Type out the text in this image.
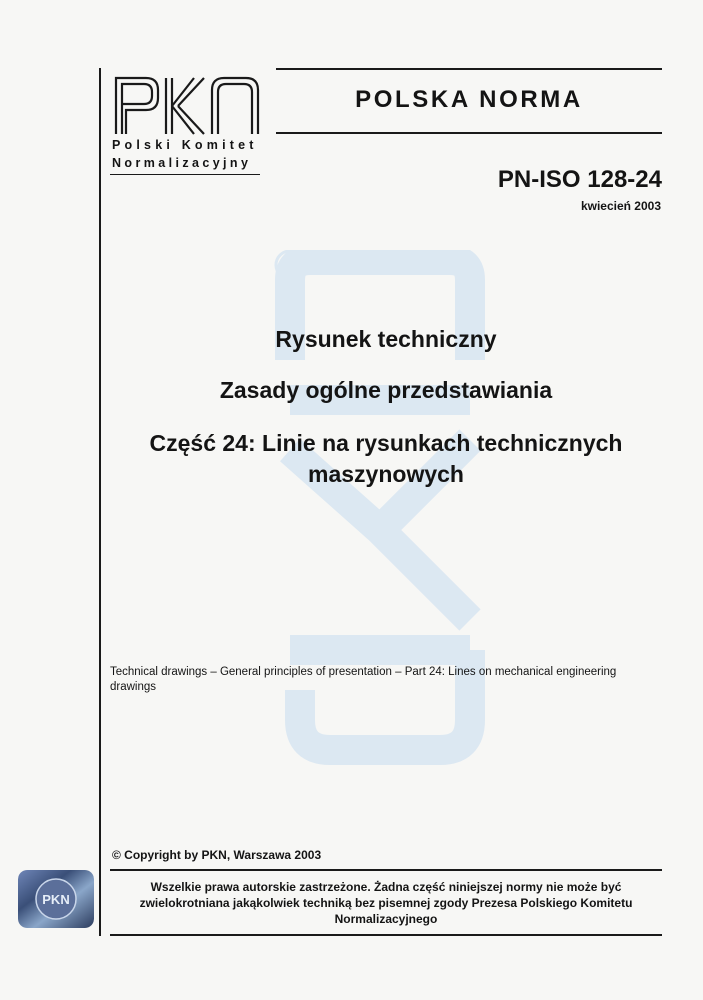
®
Polski Komitet
Normalizacyjny
POLSKA NORMA
PN-ISO 128-24
kwiecień 2003
Rysunek techniczny
Zasady ogólne przedstawiania
Część 24: Linie na rysunkach technicznych
maszynowych
Technical drawings – General principles of presentation – Part 24: Lines on mechanical engineering drawings
© Copyright by PKN, Warszawa 2003
Wszelkie prawa autorskie zastrzeżone. Żadna część niniejszej normy nie może być zwielokrotniana jakąkolwiek techniką bez pisemnej zgody Prezesa Polskiego Komitetu Normalizacyjnego
PKN
